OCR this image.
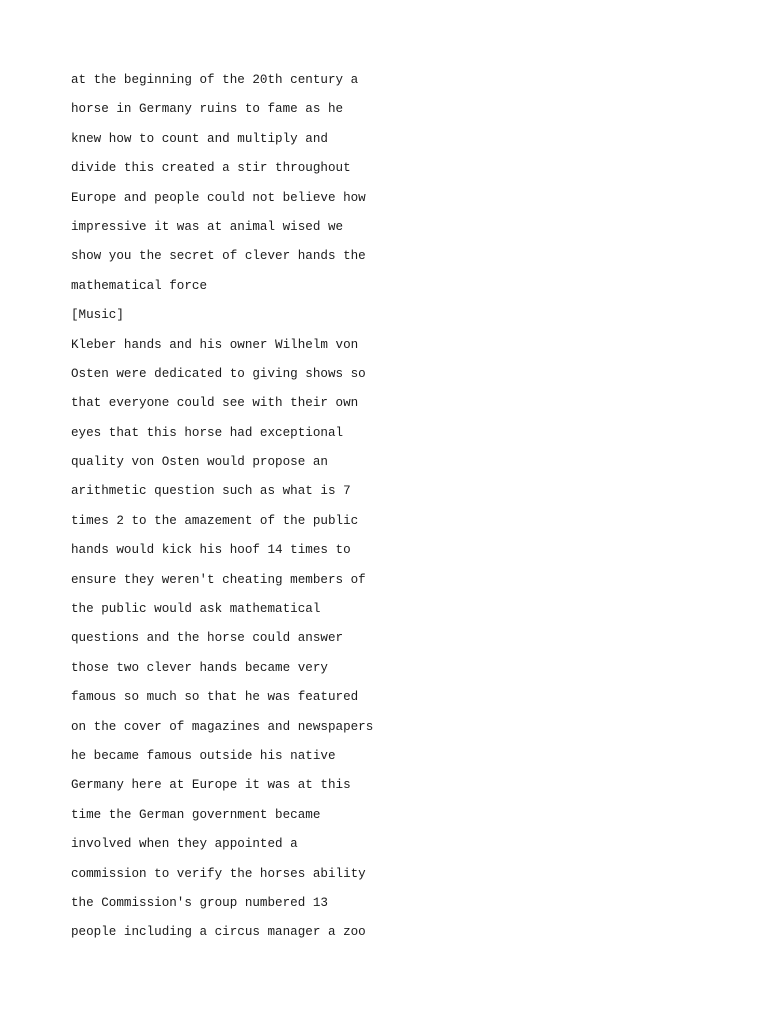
at the beginning of the 20th century a
horse in Germany ruins to fame as he
knew how to count and multiply and
divide this created a stir throughout
Europe and people could not believe how
impressive it was at animal wised we
show you the secret of clever hands the
mathematical force
[Music]
Kleber hands and his owner Wilhelm von
Osten were dedicated to giving shows so
that everyone could see with their own
eyes that this horse had exceptional
quality von Osten would propose an
arithmetic question such as what is 7
times 2 to the amazement of the public
hands would kick his hoof 14 times to
ensure they weren't cheating members of
the public would ask mathematical
questions and the horse could answer
those two clever hands became very
famous so much so that he was featured
on the cover of magazines and newspapers
he became famous outside his native
Germany here at Europe it was at this
time the German government became
involved when they appointed a
commission to verify the horses ability
the Commission's group numbered 13
people including a circus manager a zoo
